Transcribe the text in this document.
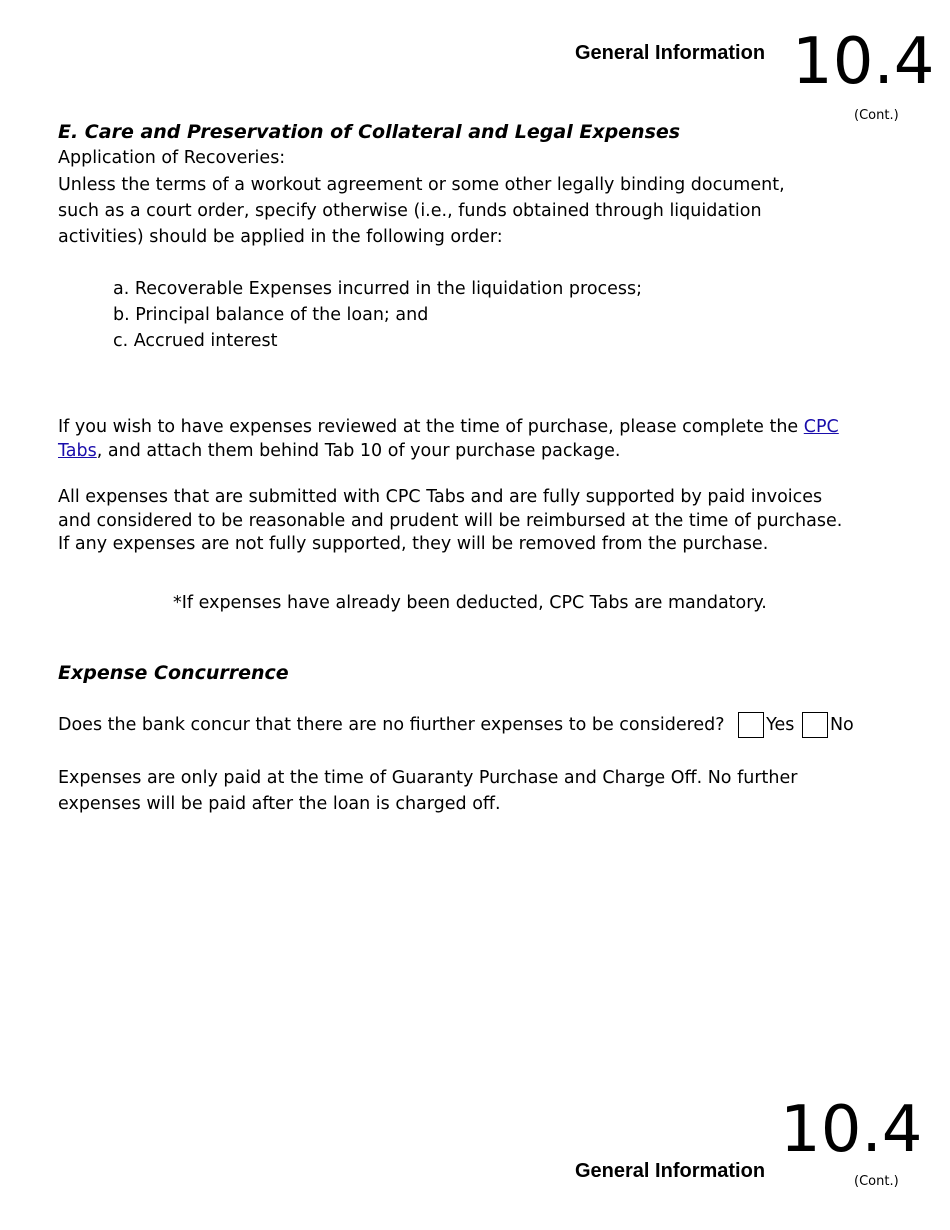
General Information 10.4
(Cont.)
E. Care and Preservation of Collateral and Legal Expenses
Application of Recoveries:
Unless the terms of a workout agreement or some other legally binding document, such as a court order, specify otherwise (i.e., funds obtained through liquidation activities) should be applied in the following order:
a. Recoverable Expenses incurred in the liquidation process;
b. Principal balance of the loan; and
c. Accrued interest
If you wish to have expenses reviewed at the time of purchase, please complete the CPC Tabs, and attach them behind Tab 10 of your purchase package.
All expenses that are submitted with CPC Tabs and are fully supported by paid invoices and considered to be reasonable and prudent will be reimbursed at the time of purchase. If any expenses are not fully supported, they will be removed from the purchase.
*If expenses have already been deducted, CPC Tabs are mandatory.
Expense Concurrence
Does the bank concur that there are no fiurther expenses to be considered? Yes No
Expenses are only paid at the time of Guaranty Purchase and Charge Off. No further expenses will be paid after the loan is charged off.
10.4
General Information	(Cont.)
